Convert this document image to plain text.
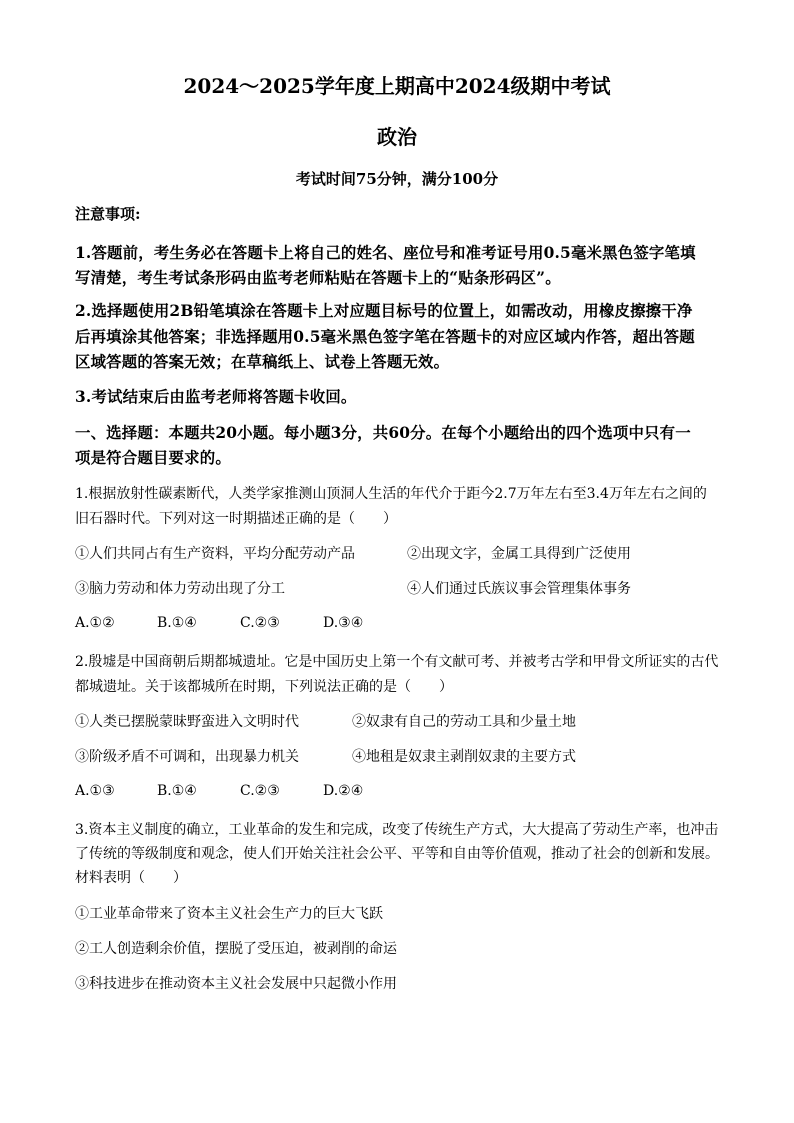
2024～2025学年度上期高中2024级期中考试
政治
考试时间75分钟，满分100分
注意事项:
1.答题前，考生务必在答题卡上将自己的姓名、座位号和准考证号用0.5毫米黑色签字笔填
写清楚，考生考试条形码由监考老师粘贴在答题卡上的“贴条形码区”。
2.选择题使用2B铅笔填涂在答题卡上对应题目标号的位置上，如需改动，用橡皮擦擦干净
后再填涂其他答案；非选择题用0.5毫米黑色签字笔在答题卡的对应区域内作答，超出答题
区域答题的答案无效；在草稿纸上、试卷上答题无效。
3.考试结束后由监考老师将答题卡收回。
一、选择题：本题共20小题。每小题3分，共60分。在每个小题给出的四个选项中只有一
项是符合题目要求的。
1.根据放射性碳素断代，人类学家推测山顶洞人生活的年代介于距今2.7万年左右至3.4万年左右之间的
旧石器时代。下列对这一时期描述正确的是（　　）
①人们共同占有生产资料，平均分配劳动产品	②出现文字，金属工具得到广泛使用
③脑力劳动和体力劳动出现了分工	④人们通过氏族议事会管理集体事务
A.①②	B.①④	C.②③	D.③④
2.殷墟是中国商朝后期都城遗址。它是中国历史上第一个有文献可考、并被考古学和甲骨文所证实的古代
都城遗址。关于该都城所在时期，下列说法正确的是（　　）
①人类已摆脱蒙昧野蛮进入文明时代	②奴隶有自己的劳动工具和少量土地
③阶级矛盾不可调和，出现暴力机关	④地租是奴隶主剥削奴隶的主要方式
A.①③	B.①④	C.②③	D.②④
3.资本主义制度的确立，工业革命的发生和完成，改变了传统生产方式，大大提高了劳动生产率，也冲击
了传统的等级制度和观念，使人们开始关注社会公平、平等和自由等价值观，推动了社会的创新和发展。
材料表明（　　）
①工业革命带来了资本主义社会生产力的巨大飞跃
②工人创造剩余价值，摆脱了受压迫，被剥削的命运
③科技进步在推动资本主义社会发展中只起微小作用
